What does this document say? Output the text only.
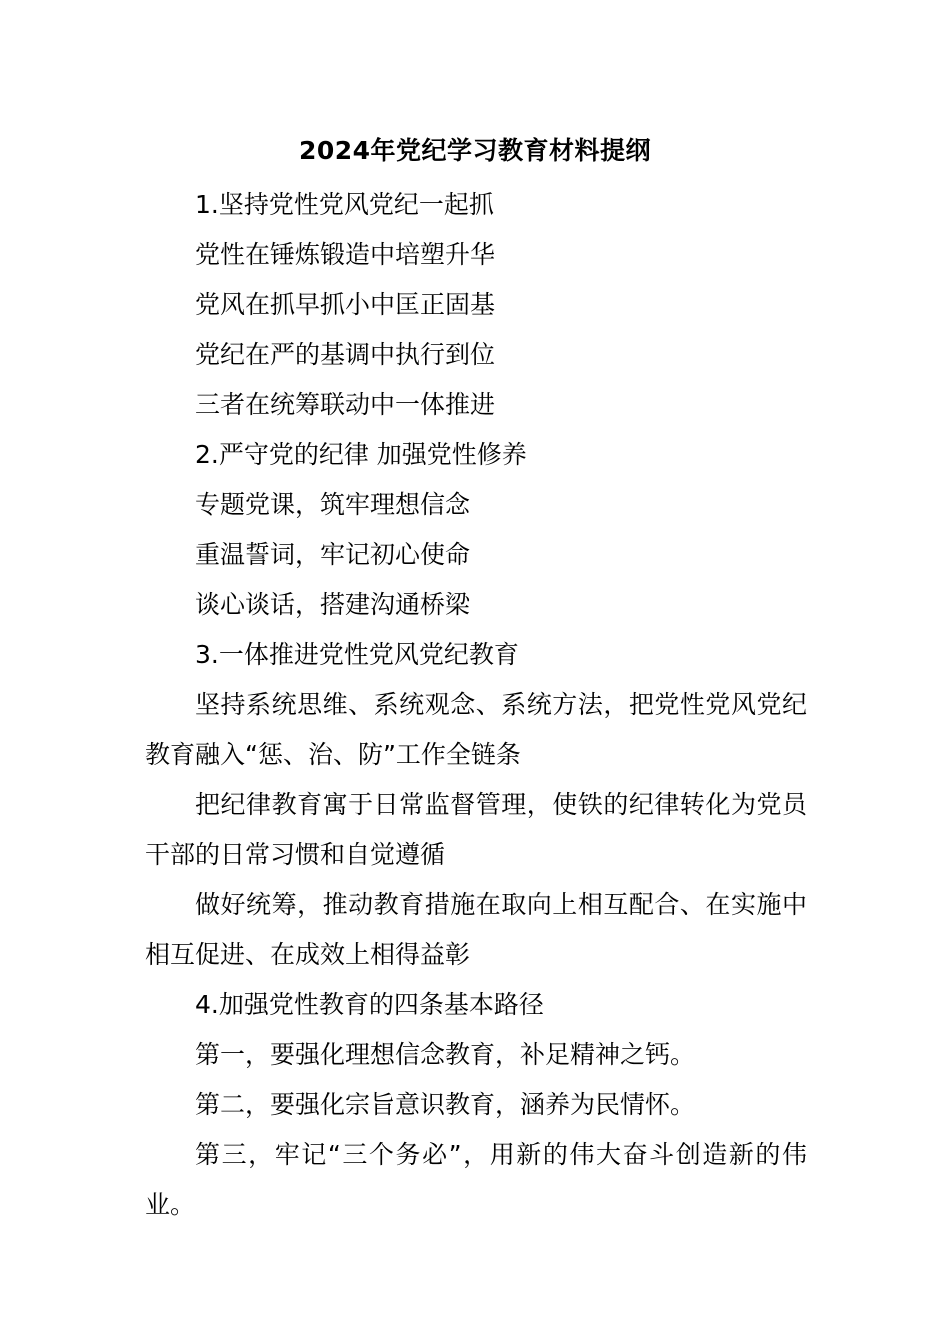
2024年党纪学习教育材料提纲

1.坚持党性党风党纪一起抓

党性在锤炼锻造中培塑升华

党风在抓早抓小中匡正固基

党纪在严的基调中执行到位

三者在统筹联动中一体推进

2.严守党的纪律 加强党性修养

专题党课，筑牢理想信念

重温誓词，牢记初心使命

谈心谈话，搭建沟通桥梁

3.一体推进党性党风党纪教育

坚持系统思维、系统观念、系统方法，把党性党风党纪教育融入“惩、治、防”工作全链条

把纪律教育寓于日常监督管理，使铁的纪律转化为党员干部的日常习惯和自觉遵循

做好统筹，推动教育措施在取向上相互配合、在实施中相互促进、在成效上相得益彰

4.加强党性教育的四条基本路径

第一，要强化理想信念教育，补足精神之钙。

第二，要强化宗旨意识教育，涵养为民情怀。

第三，牢记“三个务必”，用新的伟大奋斗创造新的伟业。
